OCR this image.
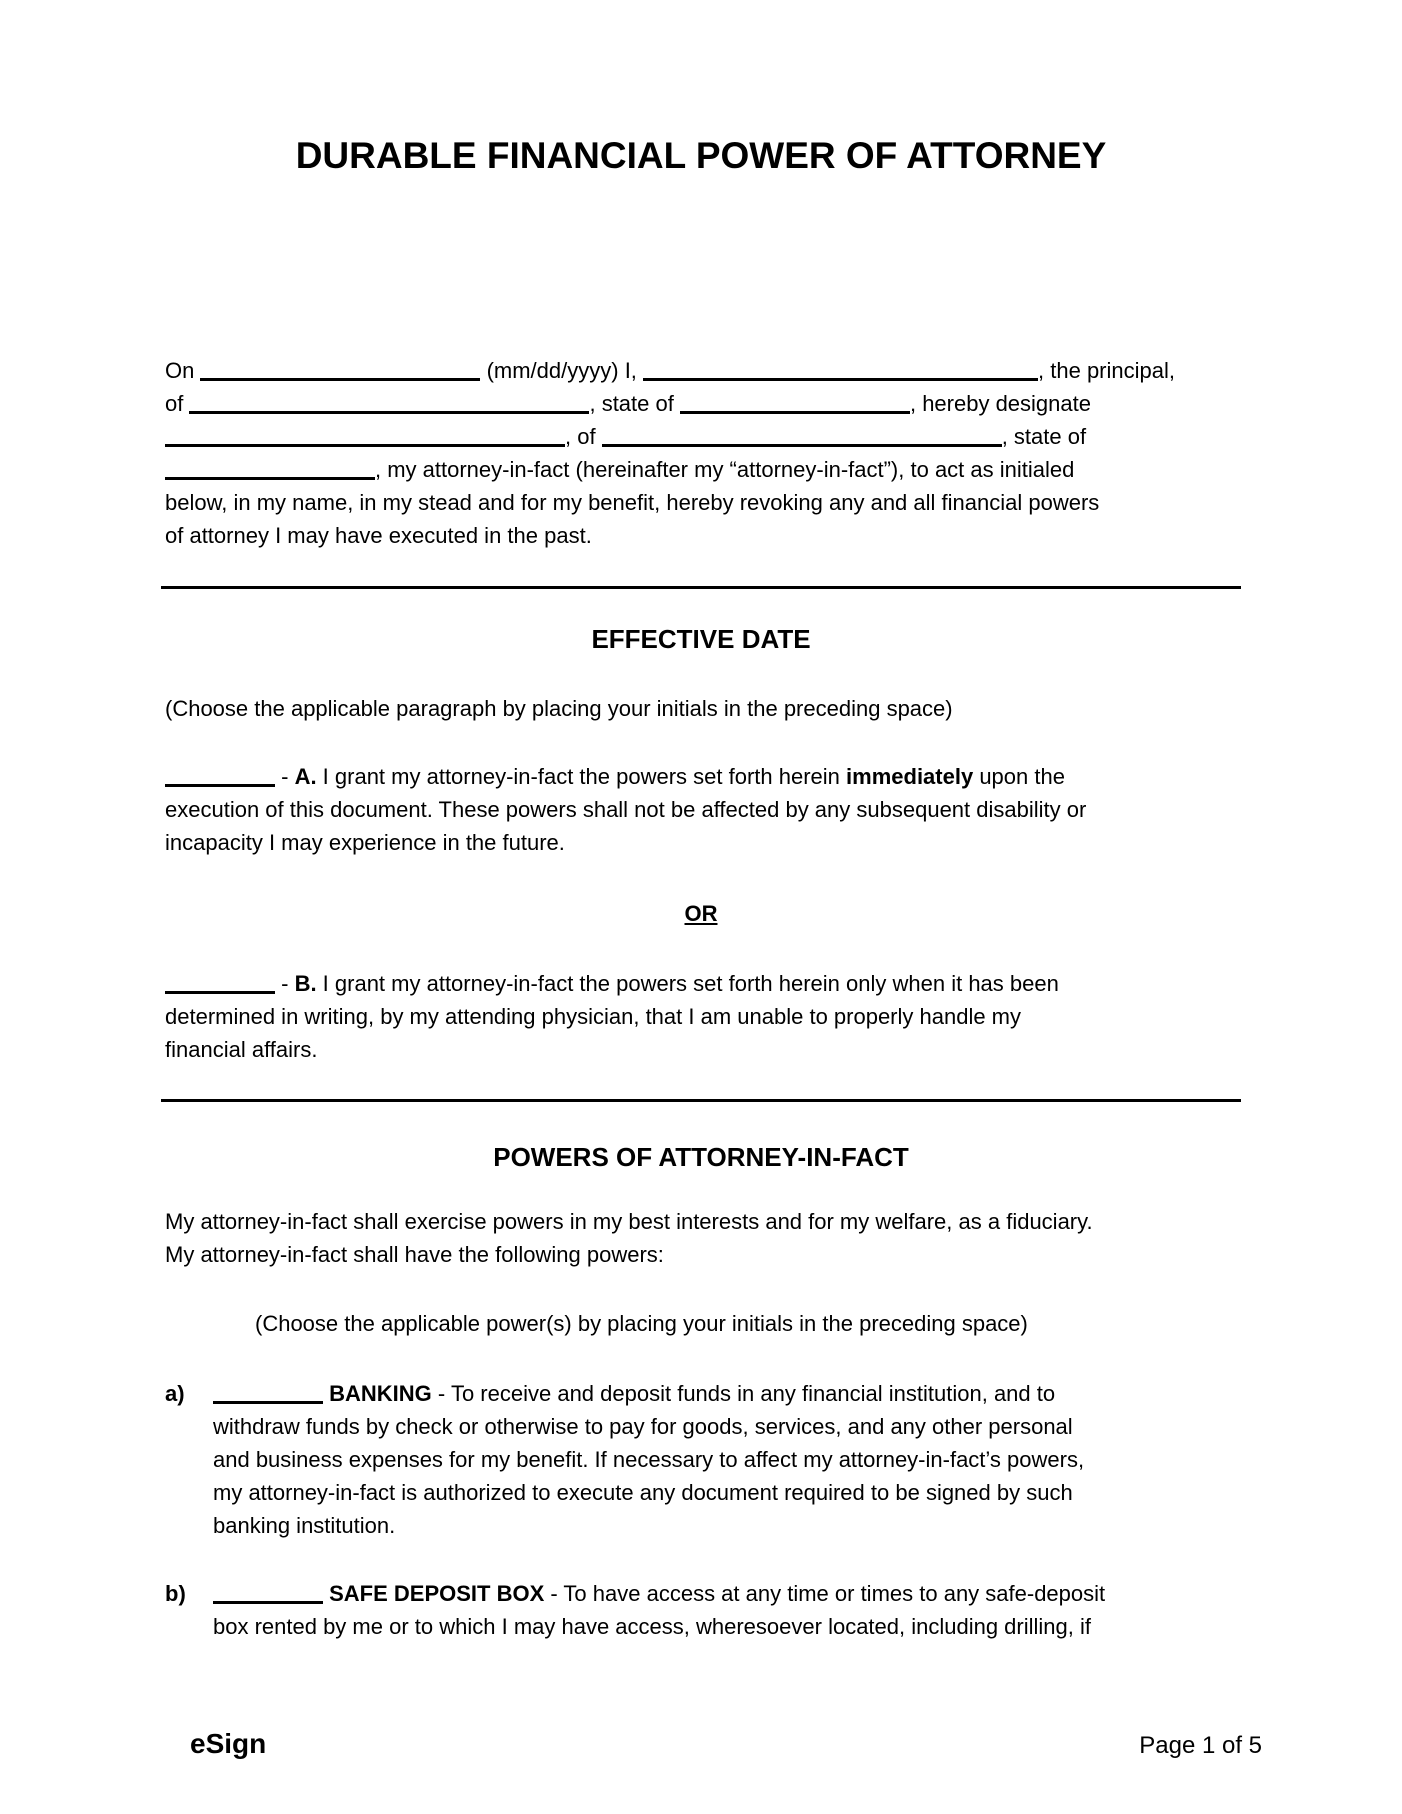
DURABLE FINANCIAL POWER OF ATTORNEY
On	(mm/dd/yyyy) I,	, the principal,
of	, state of	, hereby designate
, of	, state of
, my attorney-in-fact (hereinafter my “attorney-in-fact”), to act as initialed
below, in my name, in my stead and for my benefit, hereby revoking any and all financial powers
of attorney I may have executed in the past.
EFFECTIVE DATE
(Choose the applicable paragraph by placing your initials in the preceding space)
- A. I grant my attorney-in-fact the powers set forth herein immediately upon the
execution of this document. These powers shall not be affected by any subsequent disability or
incapacity I may experience in the future.
OR
- B. I grant my attorney-in-fact the powers set forth herein only when it has been
determined in writing, by my attending physician, that I am unable to properly handle my
financial affairs.
POWERS OF ATTORNEY-IN-FACT
My attorney-in-fact shall exercise powers in my best interests and for my welfare, as a fiduciary.
My attorney-in-fact shall have the following powers:
(Choose the applicable power(s) by placing your initials in the preceding space)
a)	BANKING - To receive and deposit funds in any financial institution, and to
withdraw funds by check or otherwise to pay for goods, services, and any other personal
and business expenses for my benefit. If necessary to affect my attorney-in-fact’s powers,
my attorney-in-fact is authorized to execute any document required to be signed by such
banking institution.
b)	SAFE DEPOSIT BOX - To have access at any time or times to any safe-deposit
box rented by me or to which I may have access, wheresoever located, including drilling, if
eSign	Page 1 of 5
